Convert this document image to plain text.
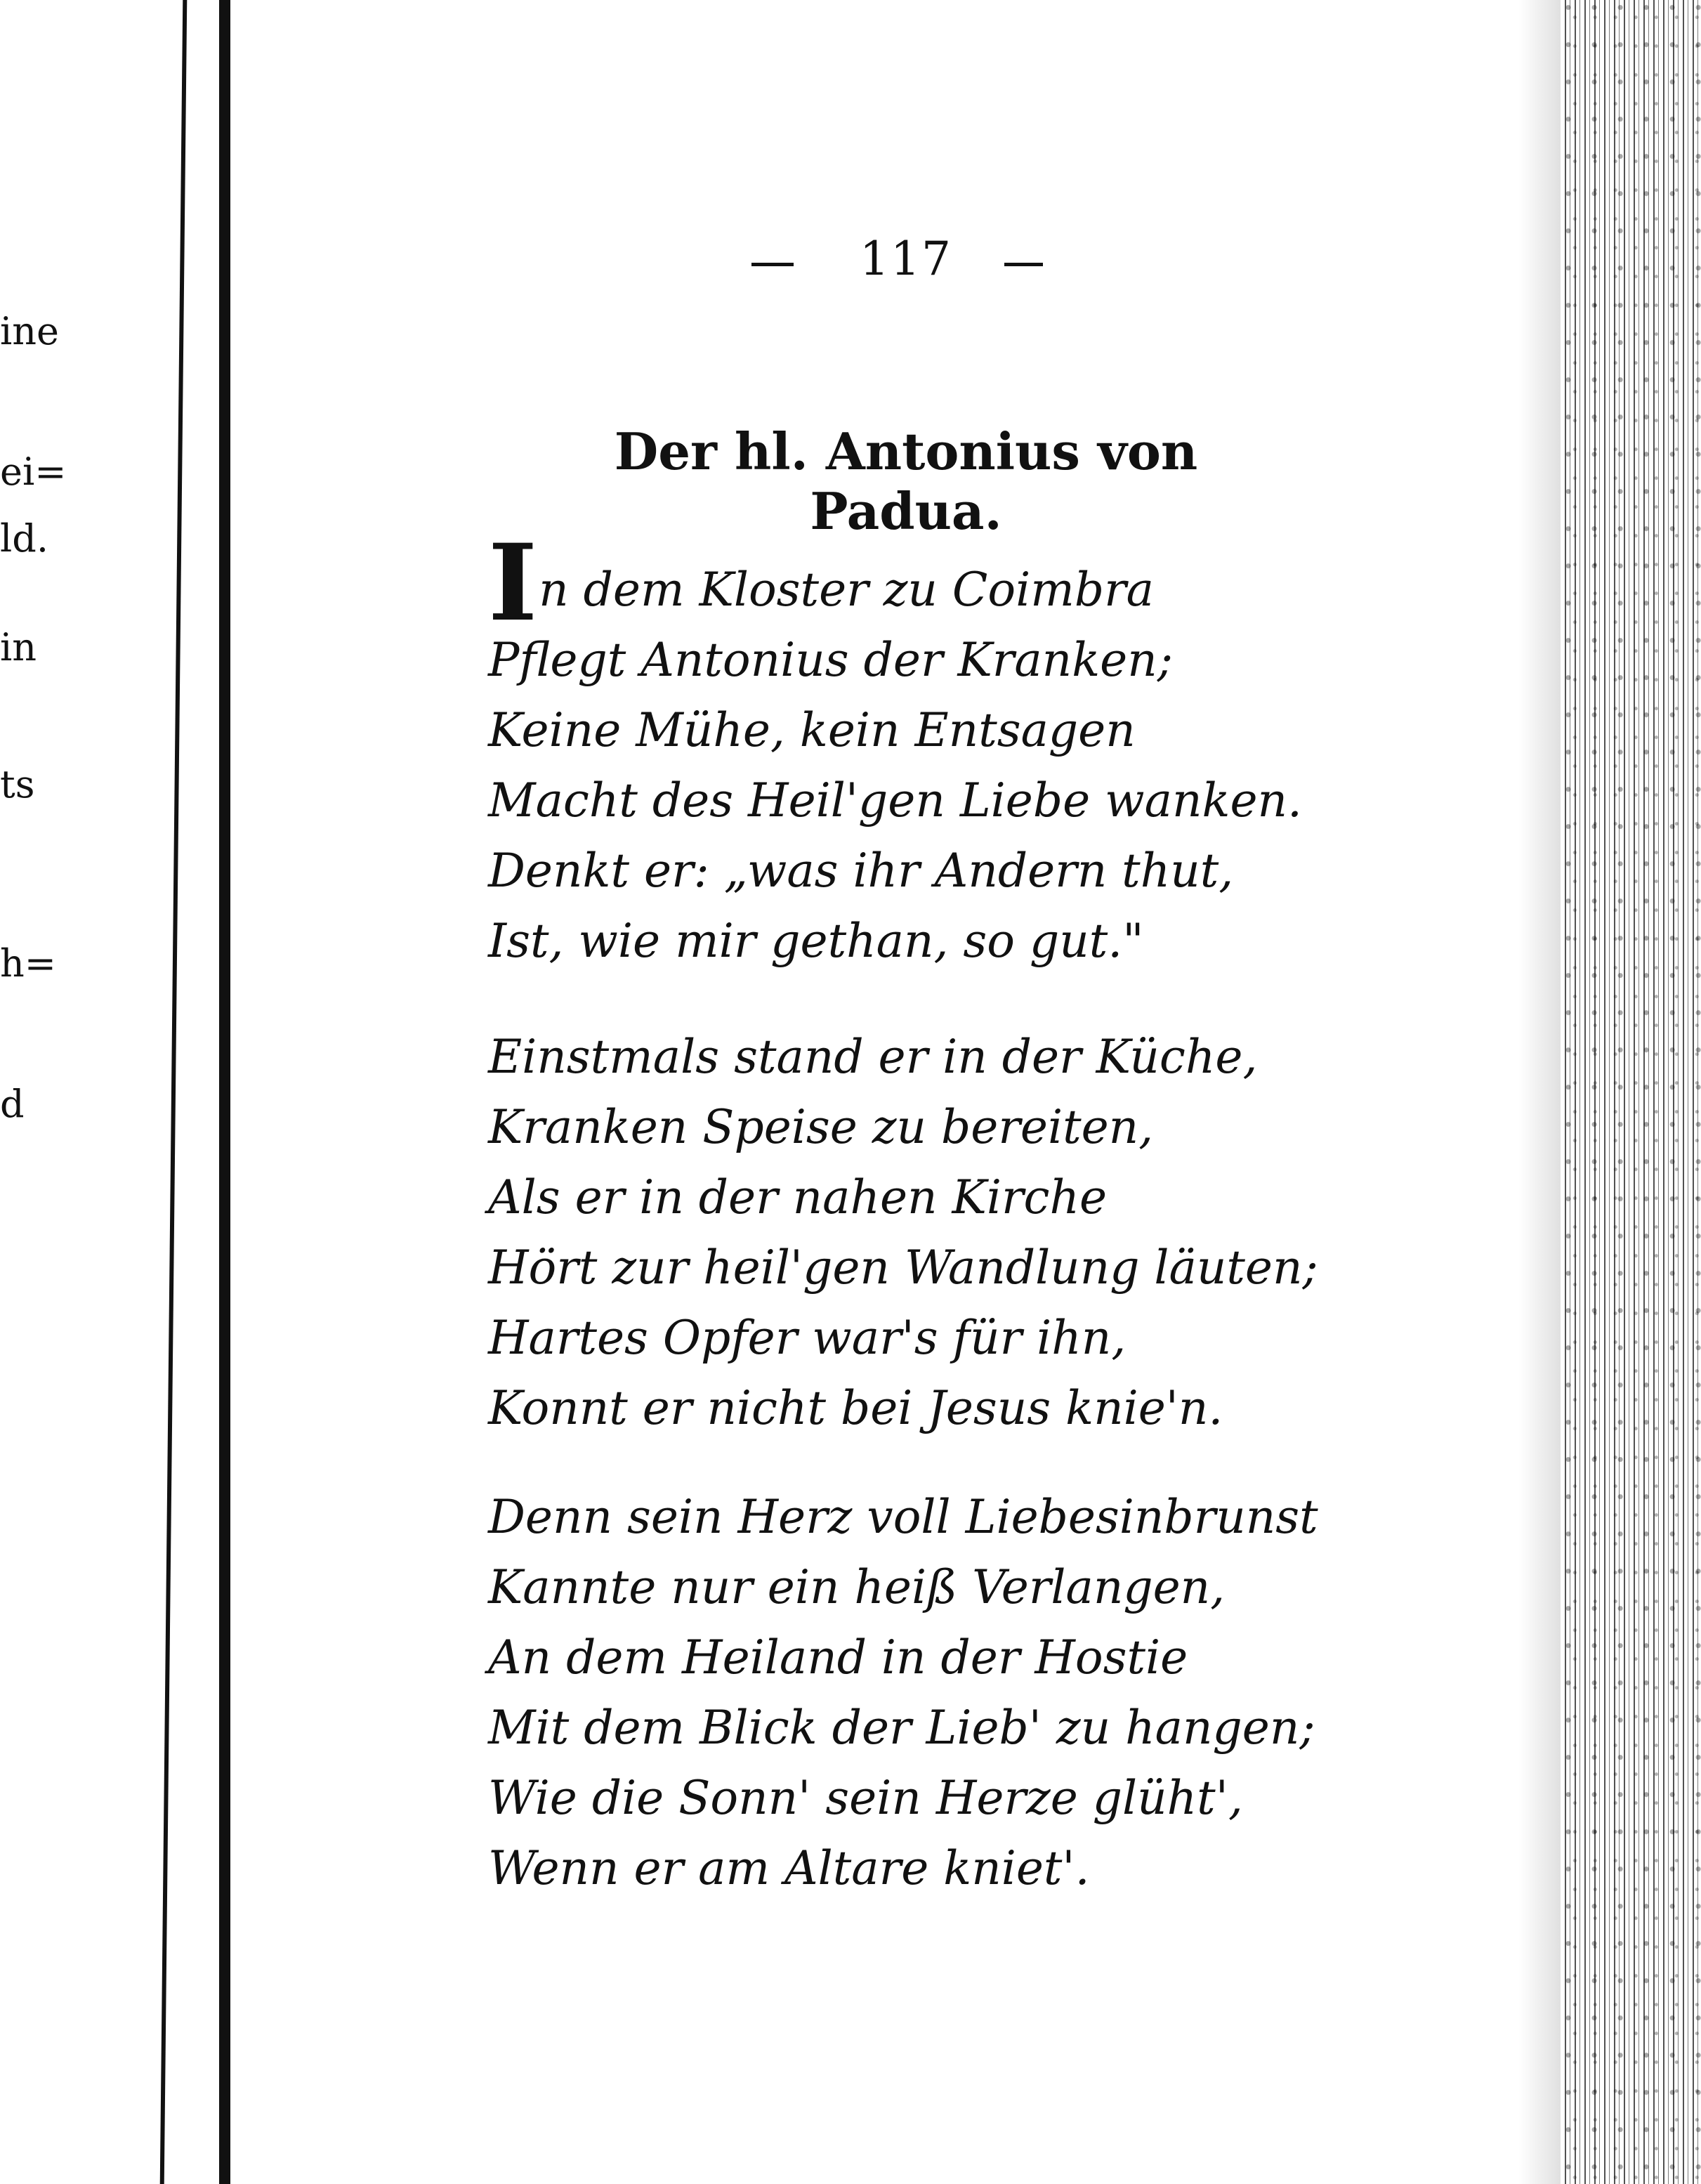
ine
ei=
ld.
in
ts
h=
d
117
Der hl. Antonius von Padua.
In dem Kloster zu Coimbra
Pflegt Antonius der Kranken;
Keine Mühe, kein Entsagen
Macht des Heil'gen Liebe wanken.
Denkt er: „was ihr Andern thut,
Ist, wie mir gethan, so gut."
Einstmals stand er in der Küche,
Kranken Speise zu bereiten,
Als er in der nahen Kirche
Hört zur heil'gen Wandlung läuten;
Hartes Opfer war's für ihn,
Konnt er nicht bei Jesus knie'n.
Denn sein Herz voll Liebesinbrunst
Kannte nur ein heiß Verlangen,
An dem Heiland in der Hostie
Mit dem Blick der Lieb' zu hangen;
Wie die Sonn' sein Herze glüht',
Wenn er am Altare kniet'.
